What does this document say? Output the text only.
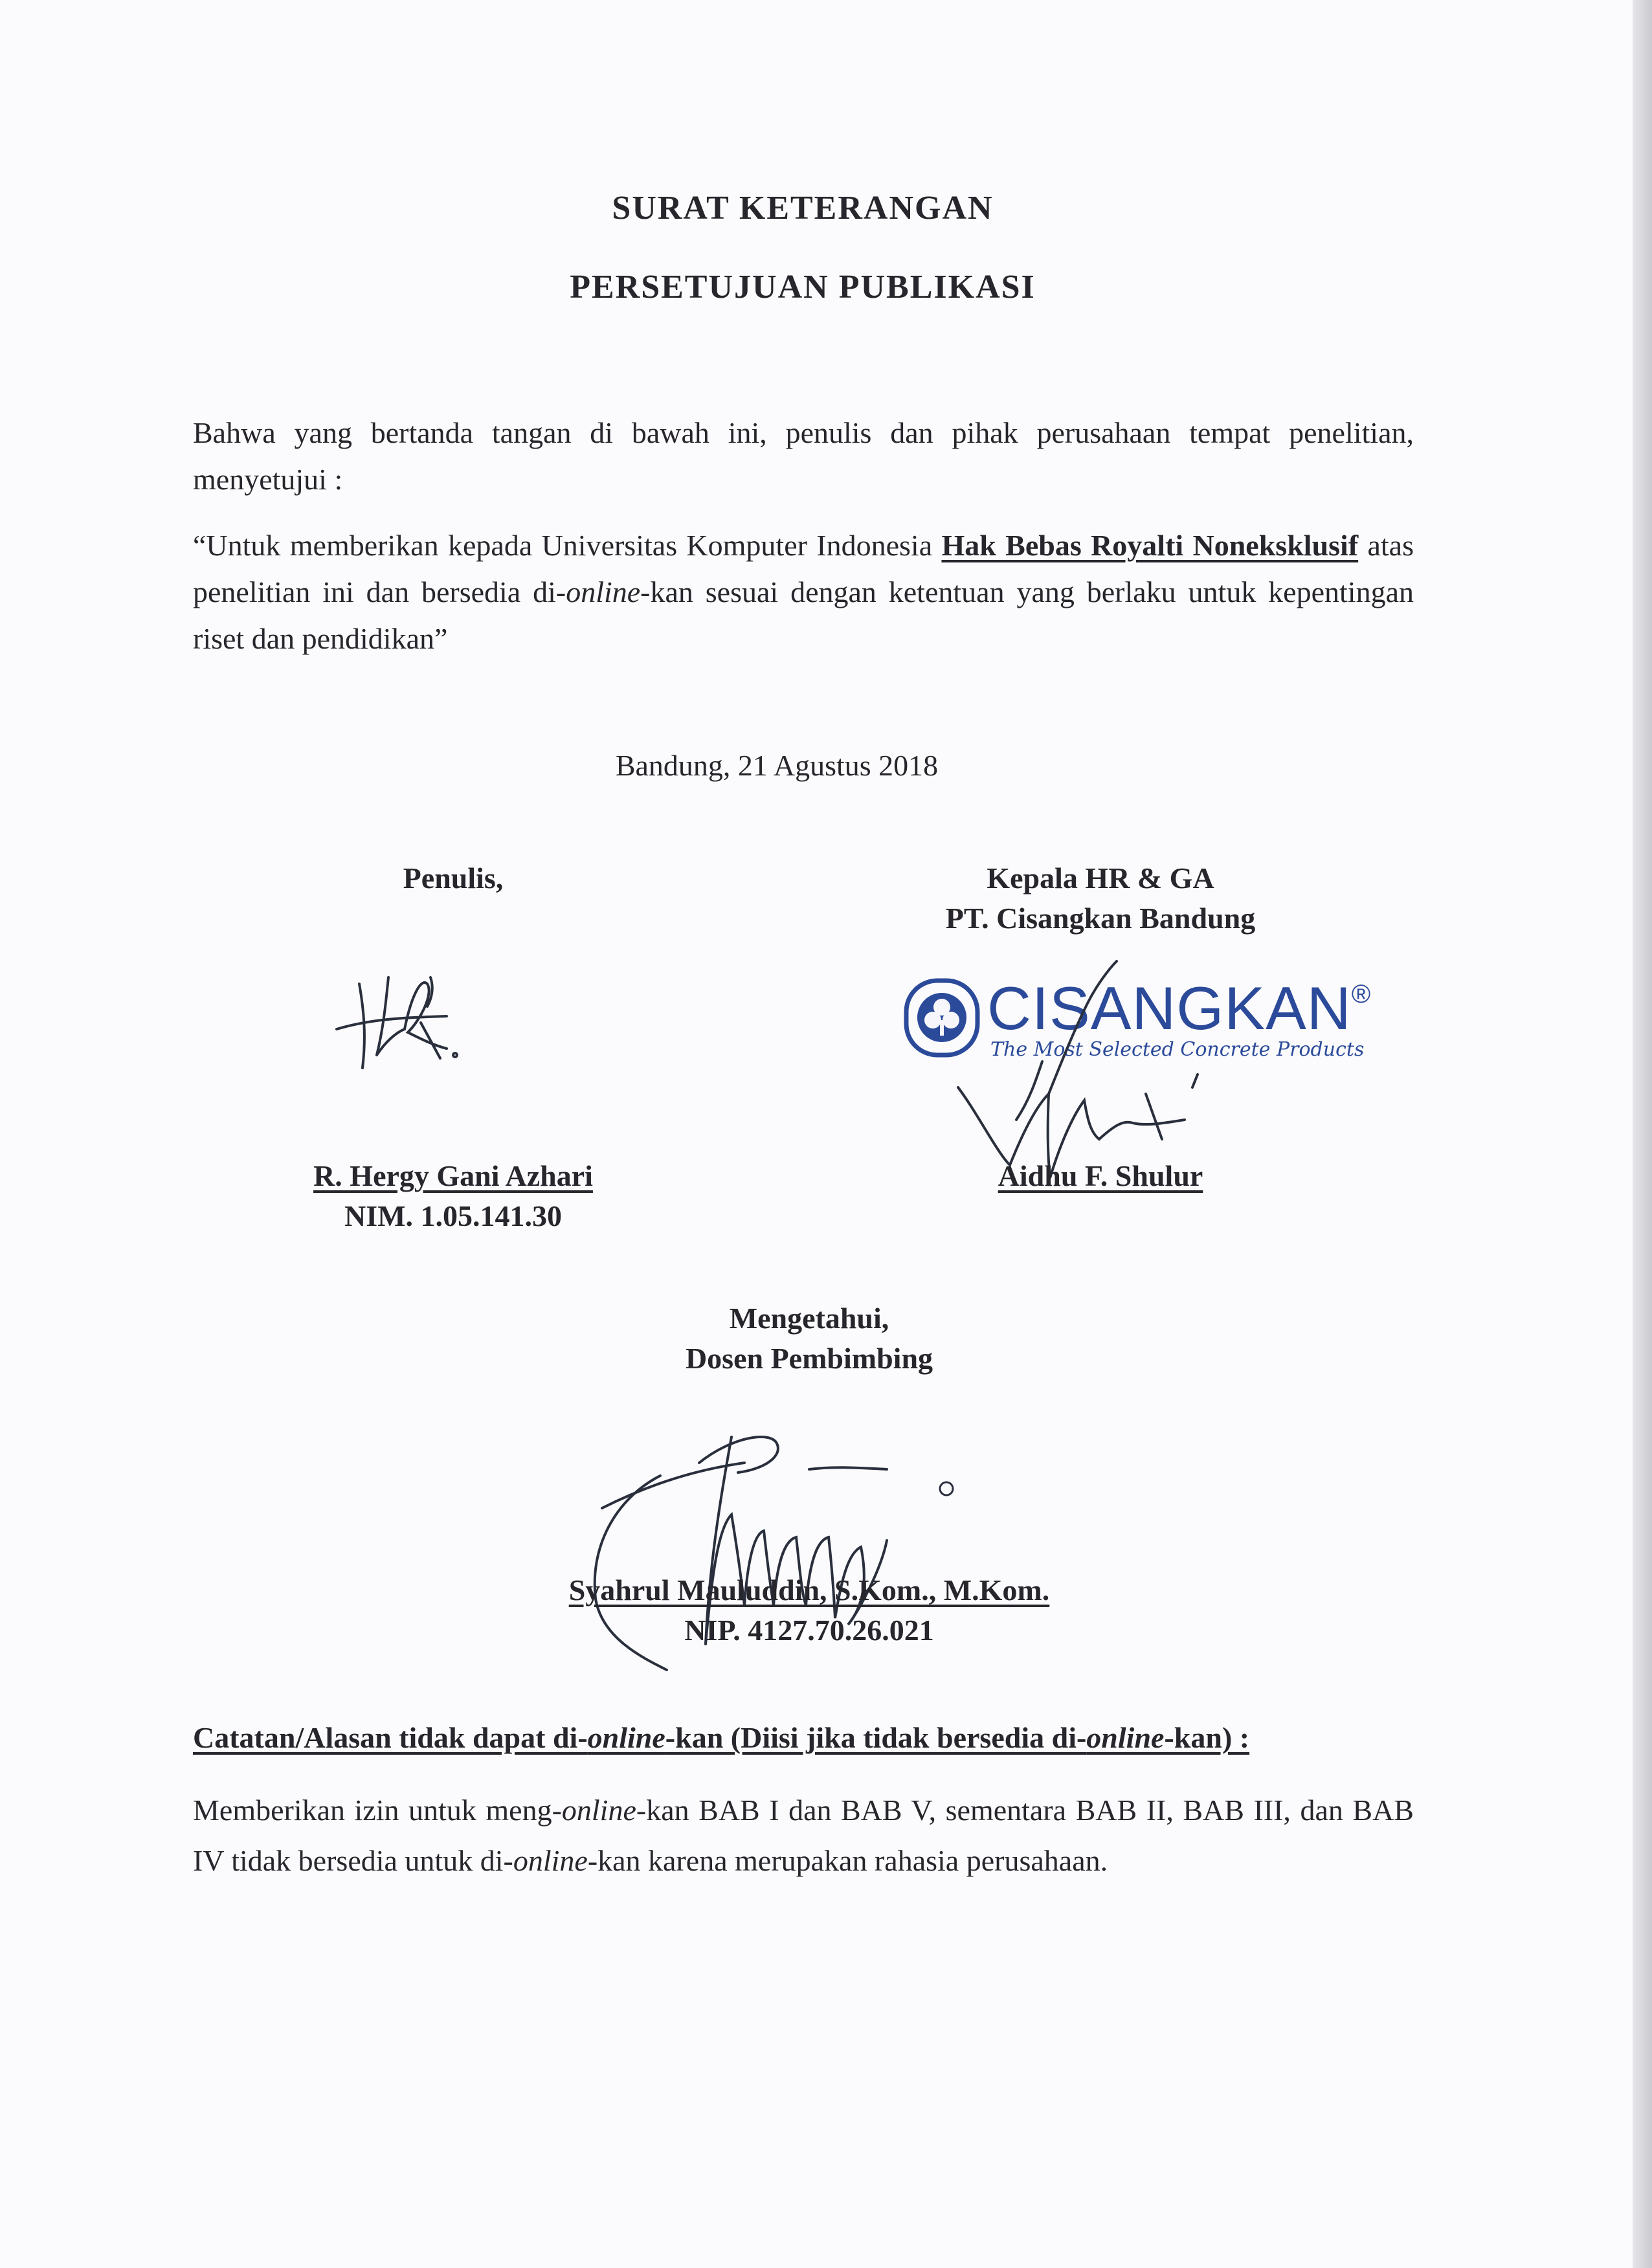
SURAT KETERANGAN
PERSETUJUAN PUBLIKASI

Bahwa yang bertanda tangan di bawah ini, penulis dan pihak perusahaan tempat penelitian, menyetujui :

“Untuk memberikan kepada Universitas Komputer Indonesia Hak Bebas Royalti Noneksklusif atas penelitian ini dan bersedia di-online-kan sesuai dengan ketentuan yang berlaku untuk kepentingan riset dan pendidikan”

Bandung, 21 Agustus 2018
Penulis,
R. Hergy Gani Azhari
NIM. 1.05.141.30
Kepala HR & GA
PT. Cisangkan Bandung
CISANGKAN®
The Most Selected Concrete Products
Aidhu F. Shulur
Mengetahui,
Dosen Pembimbing
Syahrul Mauluddin, S.Kom., M.Kom.
NIP. 4127.70.26.021
Catatan/Alasan tidak dapat di-online-kan (Diisi jika tidak bersedia di-online-kan) :

Memberikan izin untuk meng-online-kan BAB I dan BAB V, sementara BAB II, BAB III, dan BAB IV tidak bersedia untuk di-online-kan karena merupakan rahasia perusahaan.
